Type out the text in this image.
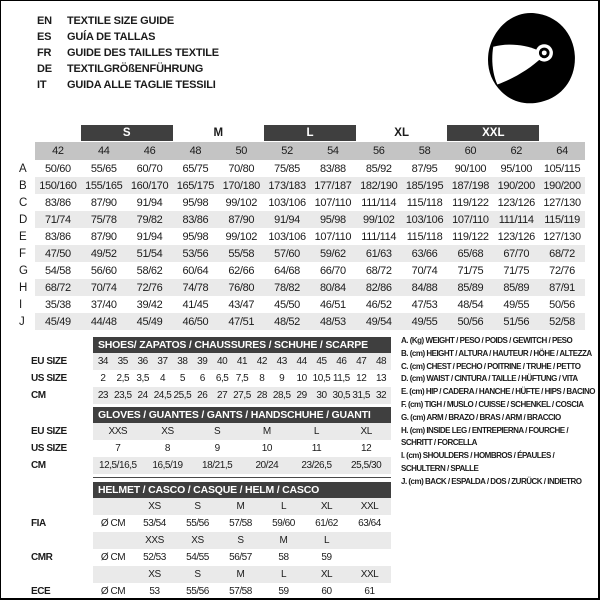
EN	TEXTILE SIZE GUIDE
ES	GUÍA DE TALLAS
FR	GUIDE DES TAILLES TEXTILE
DE	TEXTILGRÖßENFÜHRUNG
IT	GUIDA ALLE TAGLIE TESSILI
S	M	L	XL	XXL
42	44	46	48	50	52	54	56	58	60	62	64
A	50/60	55/65	60/70	65/75	70/80	75/85	83/88	85/92	87/95	90/100	95/100	105/115
B	150/160 155/165 160/170 165/175 170/180 173/183 177/187 182/190 185/195 187/198 190/200 190/200
C	83/86	87/90	91/94	95/98	99/102	103/106 107/110 111/114 115/118 119/122 123/126 127/130
D	71/74	75/78	79/82	83/86	87/90	91/94	95/98	99/102	103/106 107/110 111/114 115/119
E	83/86	87/90	91/94	95/98	99/102	103/106 107/110 111/114 115/118 119/122 123/126 127/130
F	47/50	49/52	51/54	53/56	55/58	57/60	59/62	61/63	63/66	65/68	67/70	68/72
G	54/58	56/60	58/62	60/64	62/66	64/68	66/70	68/72	70/74	71/75	71/75	72/76
H	68/72	70/74	72/76	74/78	76/80	78/82	80/84	82/86	84/88	85/89	85/89	87/91
I	35/38	37/40	39/42	41/45	43/47	45/50	46/51	46/52	47/53	48/54	49/55	50/56
J	45/49	44/48	45/49	46/50	47/51	48/52	48/53	49/54	49/55	50/56	51/56	52/58
SHOES/ ZAPATOS / CHAUSSURES / SCHUHE / SCARPE
EU SIZE	34 35 36 37 38 39 40 41 42 43 44 45 46 47 48
US SIZE	2	2,5 3,5	4	5	6	6,5 7,5	8	9	10 10,5 11,5 12 13
CM	23 23,5 24 24,5 25,5 26 27 27,5 28 28,5 29 30 30,5 31,5 32
GLOVES / GUANTES / GANTS / HANDSCHUHE / GUANTI
EU SIZE	XXS	XS	S	M	L	XL
US SIZE	7	8	9	10	11	12
CM	12,5/16,5	16,5/19	18/21,5	20/24	23/26,5	25,5/30
HELMET / CASCO / CASQUE / HELM / CASCO
XS	S	M	L	XL	XXL
FIA	Ø CM	53/54	55/56	57/58	59/60	61/62	63/64
XXS	XS	S	M	L
CMR	Ø CM	52/53	54/55	56/57	58	59
XS	S	M	L	XL	XXL
ECE	Ø CM	53	55/56	57/58	59	60	61
A. (Kg) WEIGHT / PESO / POIDS / GEWITCH / PESO
B. (cm) HEIGHT / ALTURA / HAUTEUR / HÖHE / ALTEZZA
C. (cm) CHEST / PECHO / POITRINE / TRUHE / PETTO
D. (cm) WAIST / CINTURA / TAILLE / HÜFTUNG / VITA
E. (cm) HIP / CADERA / HANCHE / HÜFTE / HIPS / BACINO
F. (cm) TIGH / MUSLO / CUISSE / SCHENKEL / COSCIA
G. (cm) ARM / BRAZO / BRAS / ARM / BRACCIO
H. (cm) INSIDE LEG / ENTREPIERNA / FOURCHE /
SCHRITT / FORCELLA
I. (cm) SHOULDERS / HOMBROS / ÉPAULES /
SCHULTERN / SPALLE
J. (cm) BACK / ESPALDA / DOS / ZURÜCK / INDIETRO
